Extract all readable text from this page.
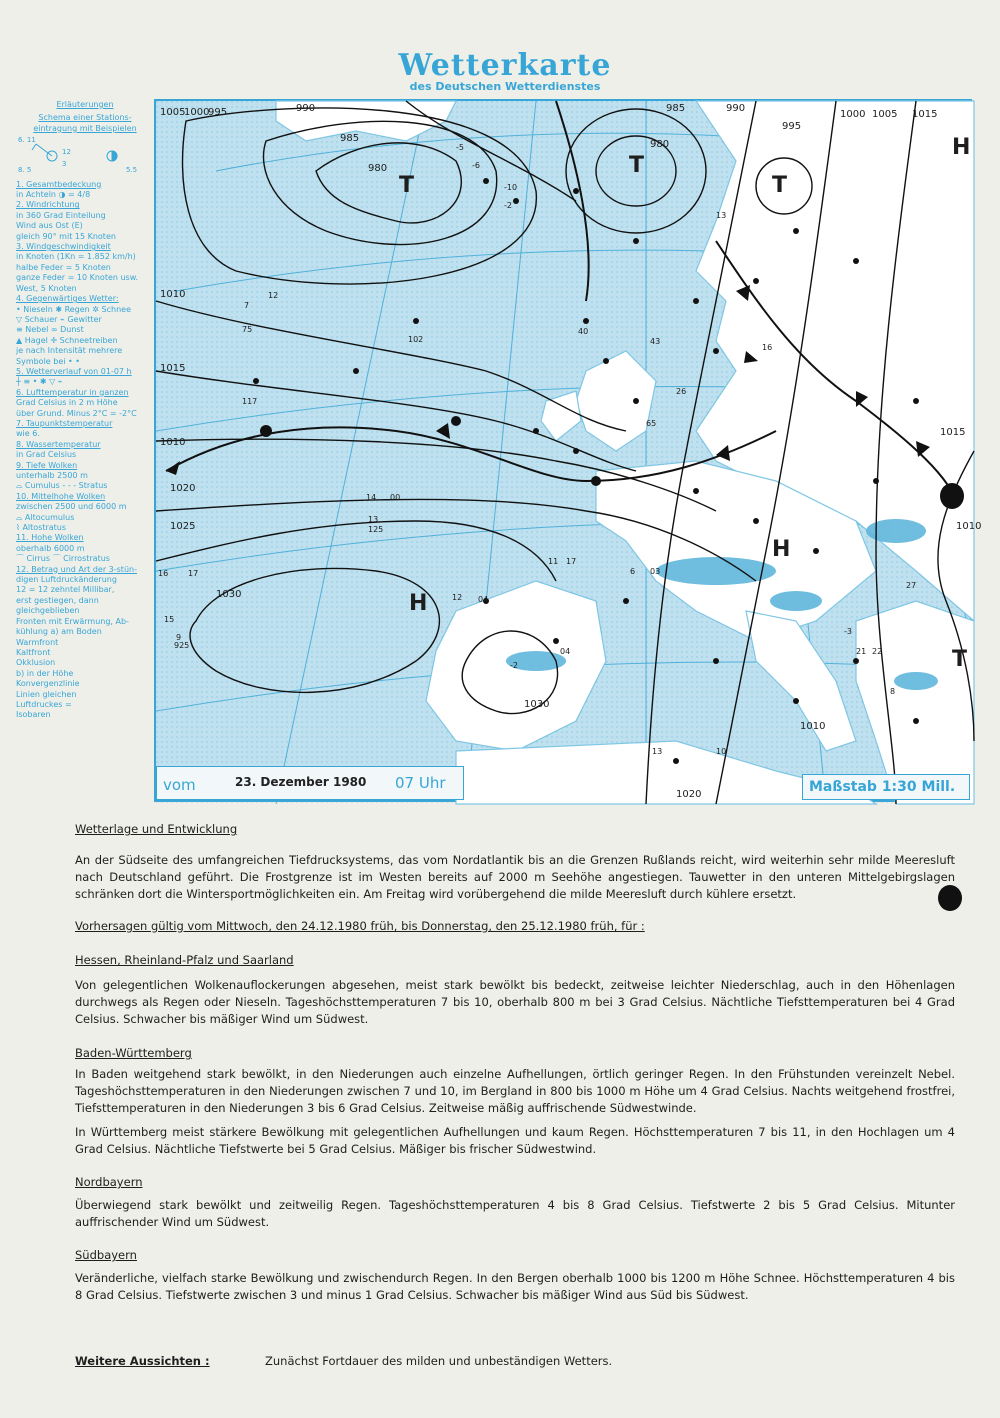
Wetterkarte
des Deutschen Wetterdienstes
Erläuterungen
Schema einer Stations-
eintragung mit Beispielen
6. 11
8. 5
12
3
5.5
1. Gesamtbedeckung
in Achteln ◑ = 4/8
2. Windrichtung
in 360 Grad Einteilung
Wind aus Ost (E)
gleich 90° mit 15 Knoten
3. Windgeschwindigkeit
in Knoten (1Kn = 1.852 km/h)
halbe Feder = 5 Knoten
ganze Feder = 10 Knoten usw.
West, 5 Knoten
4. Gegenwärtiges Wetter:
• Nieseln ✱ Regen ✲ Schnee
▽ Schauer ⌁ Gewitter
≡ Nebel ∞ Dunst
▲ Hagel ✛ Schneetreiben
je nach Intensität mehrere
Symbole bei • •
5. Wetterverlauf von 01-07 h
┼ ≡ • ✱ ▽ ⌁
6. Lufttemperatur in ganzen
Grad Celsius in 2 m Höhe
über Grund. Minus 2°C = -2°C
7. Taupunktstemperatur
wie 6.
8. Wassertemperatur
in Grad Celsius
9. Tiefe Wolken
unterhalb 2500 m
⌓ Cumulus - - - Stratus
10. Mittelhohe Wolken
zwischen 2500 und 6000 m
⌓ Altocumulus
⌇ Altostratus
11. Hohe Wolken
oberhalb 6000 m
⌒ Cirrus ⌒ Cirrostratus
12. Betrag und Art der 3-stün-
digen Luftdruckänderung
12 = 12 zehntel Millibar,
erst gestiegen, dann
gleichgeblieben
Fronten mit Erwärmung, Ab-
kühlung a) am Boden
Warmfront
Kaltfront
Okklusion
b) in der Höhe
Konvergenzlinie
Linien gleichen
Luftdruckes =
Isobaren
T
T
T
T
H
H
H
1005
1000
995	990
985
980
980
985	990
995
1000 1005
1010
1015
1010
1015
1020
1025
1030
1030
1020
1015
1010
1010
-5
-6
-10
-2
13
12
7
43
26
65
40
16
102
75
117
14 00
13
125
16 17
15
9
925
12 04
-2
04
6 03
11 17
13	10
8
-3
21 22
27
vom	23. Dezember 1980 07 Uhr	Maßstab 1:30 Mill.
Wetterlage und Entwicklung

An der Südseite des umfangreichen Tiefdrucksystems, das vom Nordatlantik bis an die Grenzen Rußlands reicht, wird weiterhin sehr milde Meeresluft nach Deutschland geführt. Die Frostgrenze ist im Westen bereits auf 2000 m Seehöhe angestiegen. Tauwetter in den unteren Mittelgebirgslagen schränken dort die Wintersportmöglichkeiten ein. Am Freitag wird vorübergehend die milde Meeresluft durch kühlere ersetzt.

Vorhersagen gültig vom Mittwoch, den 24.12.1980 früh, bis Donnerstag, den 25.12.1980 früh, für :
Hessen, Rheinland-Pfalz und Saarland

Von gelegentlichen Wolkenauflockerungen abgesehen, meist stark bewölkt bis bedeckt, zeitweise leichter Niederschlag, auch in den Höhenlagen durchwegs als Regen oder Nieseln. Tageshöchsttemperaturen 7 bis 10, oberhalb 800 m bei 3 Grad Celsius. Nächtliche Tiefsttemperaturen bei 4 Grad Celsius. Schwacher bis mäßiger Wind um Südwest.

Baden-Württemberg

In Baden weitgehend stark bewölkt, in den Niederungen auch einzelne Aufhellungen, örtlich geringer Regen. In den Frühstunden vereinzelt Nebel. Tageshöchsttemperaturen in den Niederungen zwischen 7 und 10, im Bergland in 800 bis 1000 m Höhe um 4 Grad Celsius. Nachts weitgehend frostfrei, Tiefsttemperaturen in den Niederungen 3 bis 6 Grad Celsius. Zeitweise mäßig auffrischende Südwestwinde.

In Württemberg meist stärkere Bewölkung mit gelegentlichen Aufhellungen und kaum Regen. Höchsttemperaturen 7 bis 11, in den Hochlagen um 4 Grad Celsius. Nächtliche Tiefstwerte bei 5 Grad Celsius. Mäßiger bis frischer Südwestwind.

Nordbayern

Überwiegend stark bewölkt und zeitweilig Regen. Tageshöchsttemperaturen 4 bis 8 Grad Celsius. Tiefstwerte 2 bis 5 Grad Celsius. Mitunter auffrischender Wind um Südwest.

Südbayern

Veränderliche, vielfach starke Bewölkung und zwischendurch Regen. In den Bergen oberhalb 1000 bis 1200 m Höhe Schnee. Höchsttemperaturen 4 bis 8 Grad Celsius. Tiefstwerte zwischen 3 und minus 1 Grad Celsius. Schwacher bis mäßiger Wind aus Süd bis Südwest.

Weitere Aussichten :	Zunächst Fortdauer des milden und unbeständigen Wetters.
